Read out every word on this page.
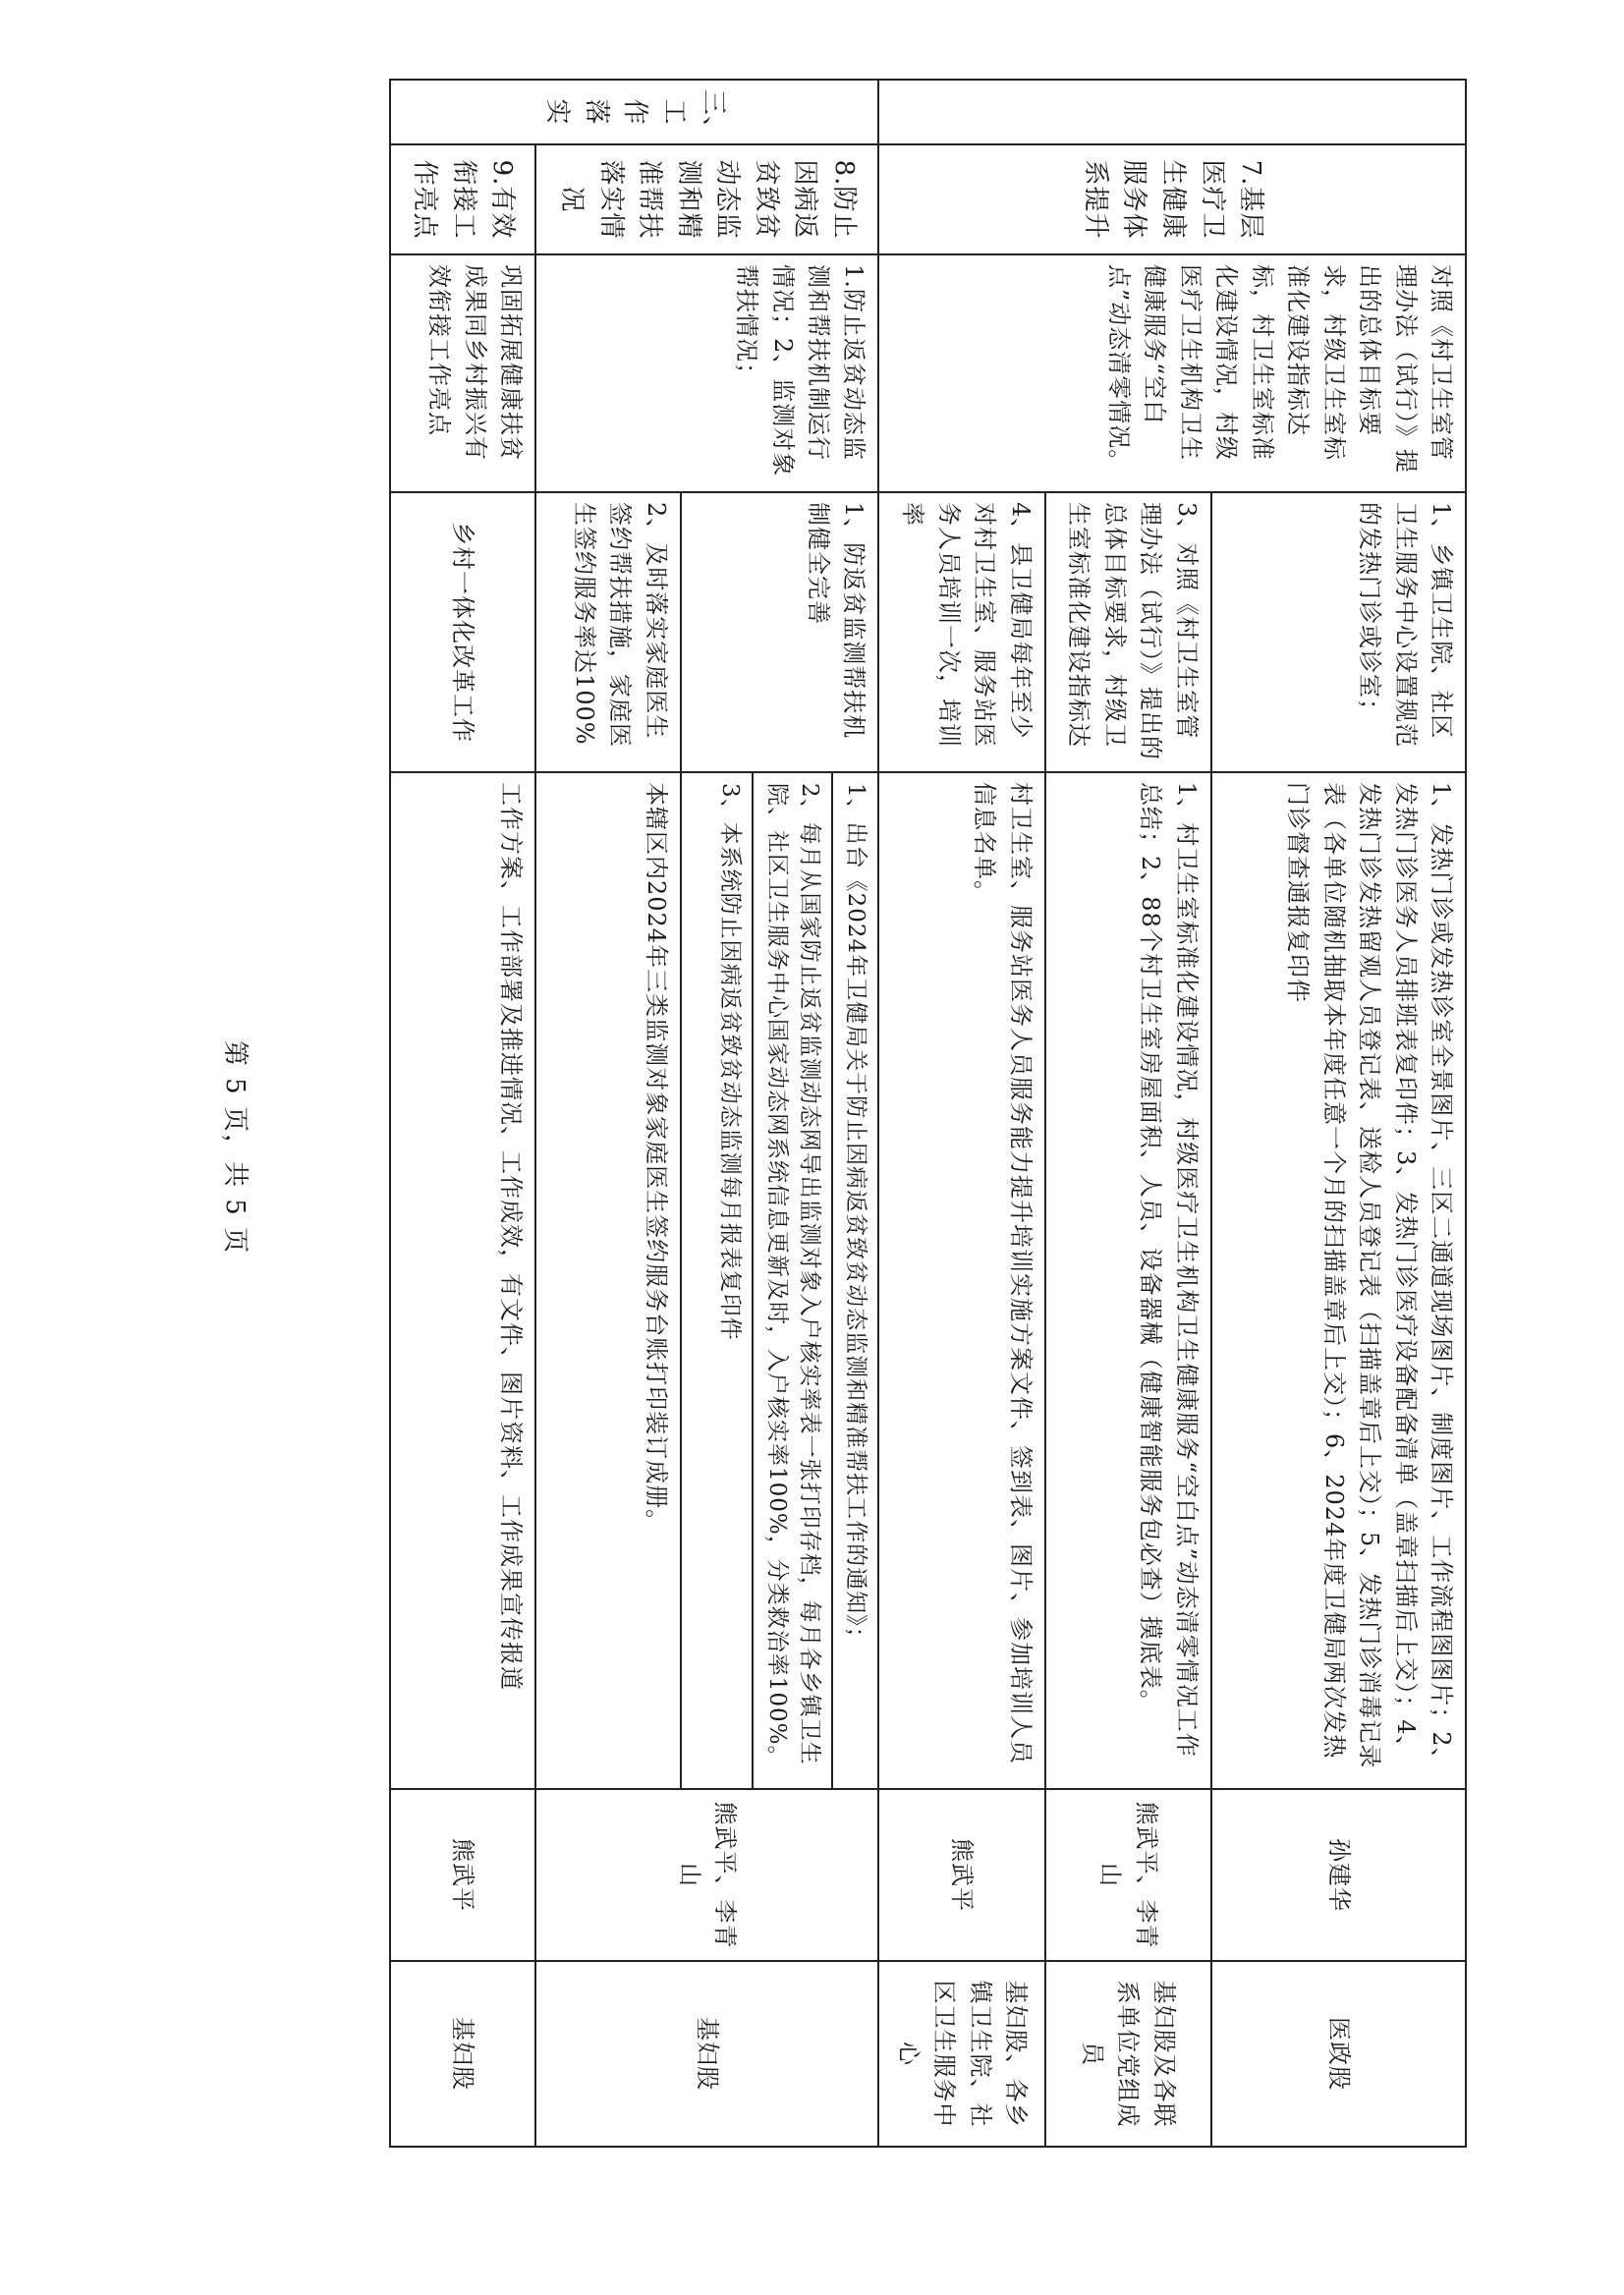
	7.基层医疗卫生健康服务体系提升	对照《村卫生室管理办法（试行）》提出的总体目标要求，村级卫生室标准化建设指标达标，村卫生室标准化建设情况，村级医疗卫生机构卫生健康服务“空白点”动态清零情况。	1、乡镇卫生院、社区卫生服务中心设置规范的发热门诊或诊室；	1、发热门诊或发热诊室全景图片、三区二通道现场图片、制度图片、工作流程图图片；2、发热门诊医务人员排班表复印件；3、发热门诊医疗设备配备清单（盖章扫描后上交）；4、发热门诊发热留观人员登记表、送检人员登记表（扫描盖章后上交）；5、发热门诊消毒记录表（各单位随机抽取本年度任意一个月的扫描盖章后上交）；6、2024年度卫健局两次发热门诊督查通报复印件	孙建华	医政股
			3、对照《村卫生室管理办法（试行）》提出的总体目标要求，村级卫生室标准化建设指标达	1、村卫生室标准化建设情况，村级医疗卫生机构卫生健康服务“空白点”动态清零情况工作总结；2、88个村卫生室房屋面积、人员、设备器械（健康智能服务包必查）摸底表。	熊武平、李青山	基妇股及各联系单位党组成员
			4、县卫健局每年至少对村卫生室、服务站医务人员培训一次，培训率	村卫生室、服务站医务人员服务能力提升培训实施方案文件、签到表、图片、参加培训人员信息名单。	熊武平	基妇股、各乡镇卫生院、社区卫生服务中心
三、工作落实	8.防止因病返贫致贫动态监测和精准帮扶落实情况	1.防止返贫动态监测和帮扶机制运行情况；2、监测对象帮扶情况；	1、防返贫监测帮扶机制健全完善	1、出台《2024年卫健局关于防止因病返贫致贫动态监测和精准帮扶工作的通知》；
2、每月从国家防止返贫监测动态网导出监测对象入户核实率表一张打印存档，每月各乡镇卫生院、社区卫生服务中心国家动态网系统信息更新及时，入户核实率100%，分类救治率100%。
3、本系统防止因病返贫致贫动态监测每月报表复印件	熊武平、李青山	基妇股
			2、及时落实家庭医生签约帮扶措施，家庭医生签约服务率达100%	本辖区内2024年三类监测对象家庭医生签约服务台账打印装订成册。		
	9.有效衔接工作亮点	巩固拓展健康扶贫成果同乡村振兴有效衔接工作亮点	乡村一体化改革工作	工作方案、工作部署及推进情况、工作成效，有文件、图片资料、工作成果宣传报道	熊武平	基妇股
第 5 页，共 5 页
